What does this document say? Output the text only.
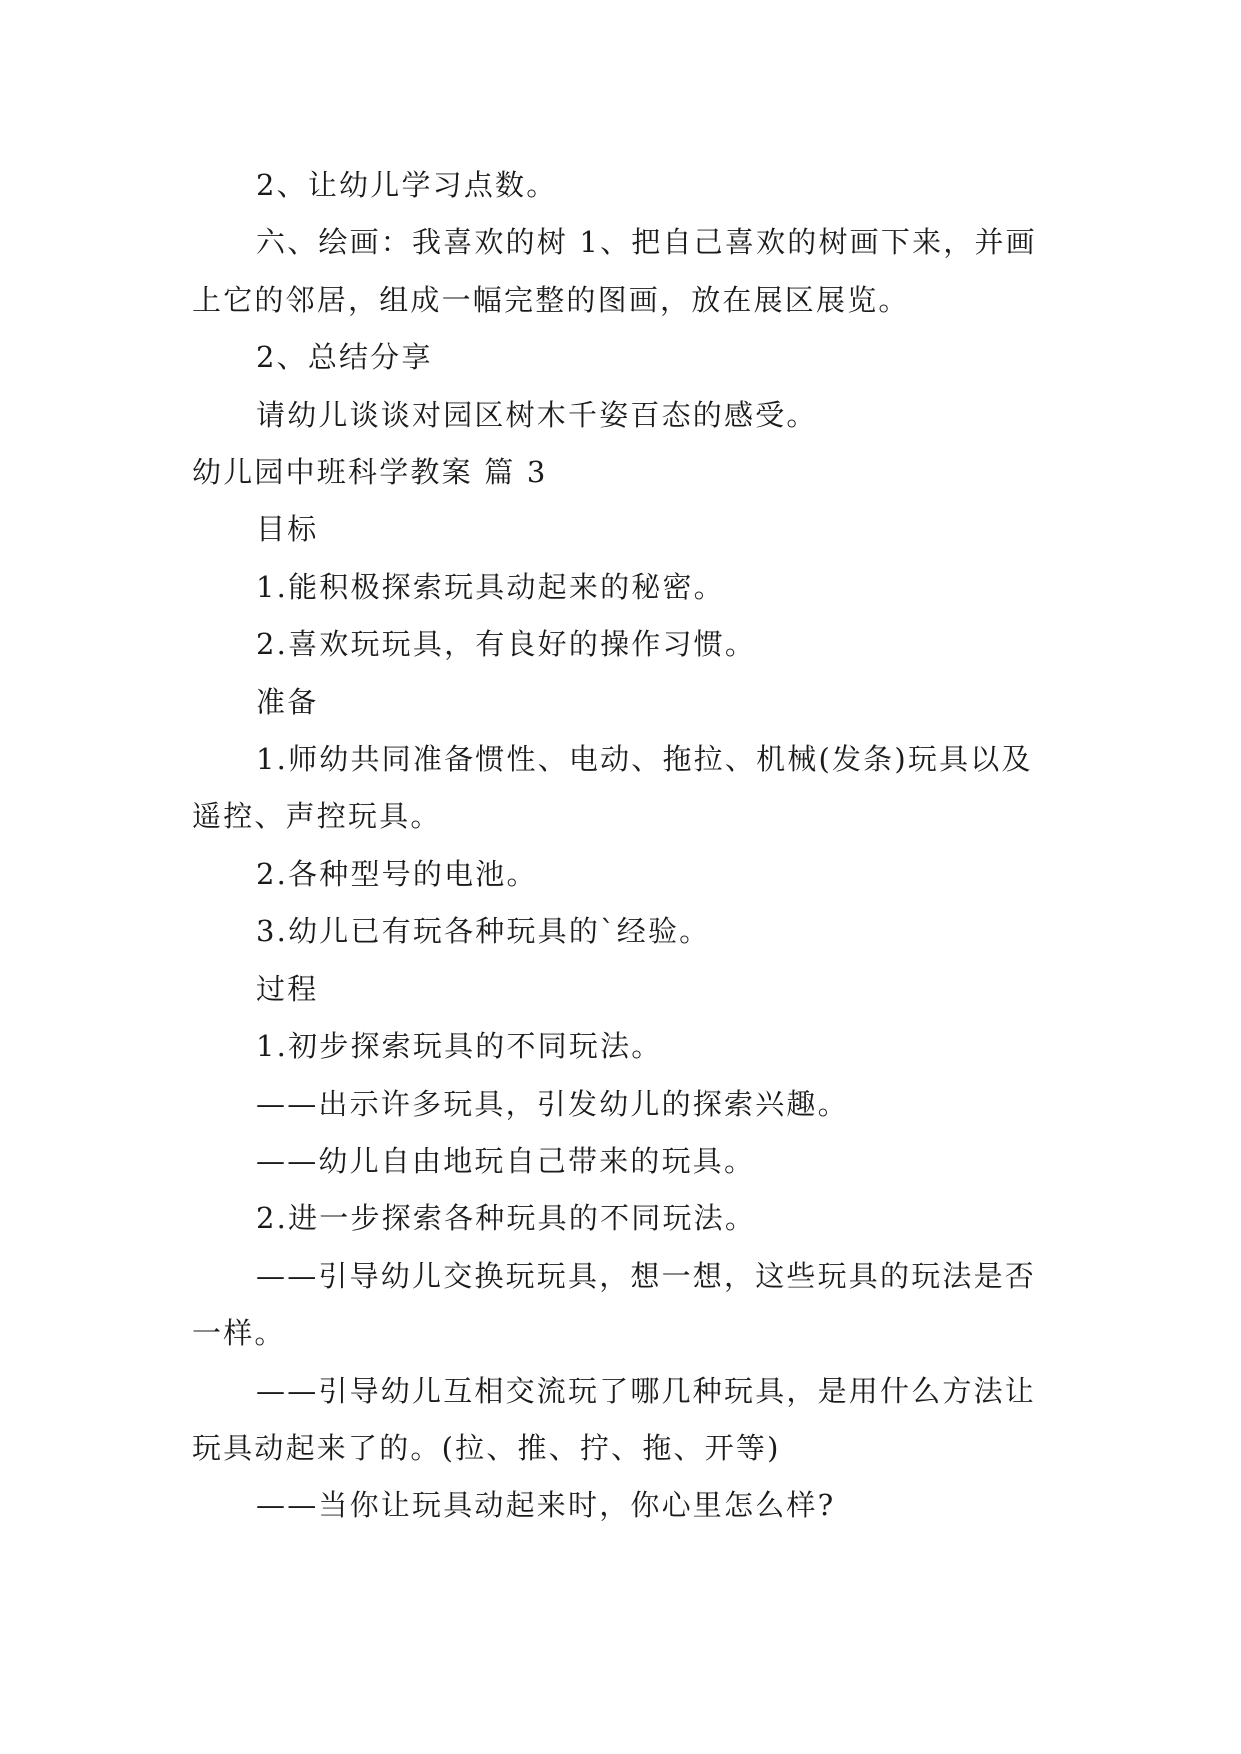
2、让幼儿学习点数。

六、绘画：我喜欢的树 1、把自己喜欢的树画下来，并画上它的邻居，组成一幅完整的图画，放在展区展览。

2、总结分享

请幼儿谈谈对园区树木千姿百态的感受。

幼儿园中班科学教案 篇 3

目标

1.能积极探索玩具动起来的秘密。

2.喜欢玩玩具，有良好的操作习惯。

准备

1.师幼共同准备惯性、电动、拖拉、机械(发条)玩具以及遥控、声控玩具。

2.各种型号的电池。

3.幼儿已有玩各种玩具的`经验。

过程

1.初步探索玩具的不同玩法。

——出示许多玩具，引发幼儿的探索兴趣。

——幼儿自由地玩自己带来的玩具。

2.进一步探索各种玩具的不同玩法。

——引导幼儿交换玩玩具，想一想，这些玩具的玩法是否一样。

——引导幼儿互相交流玩了哪几种玩具，是用什么方法让玩具动起来了的。(拉、推、拧、拖、开等)

——当你让玩具动起来时，你心里怎么样?
